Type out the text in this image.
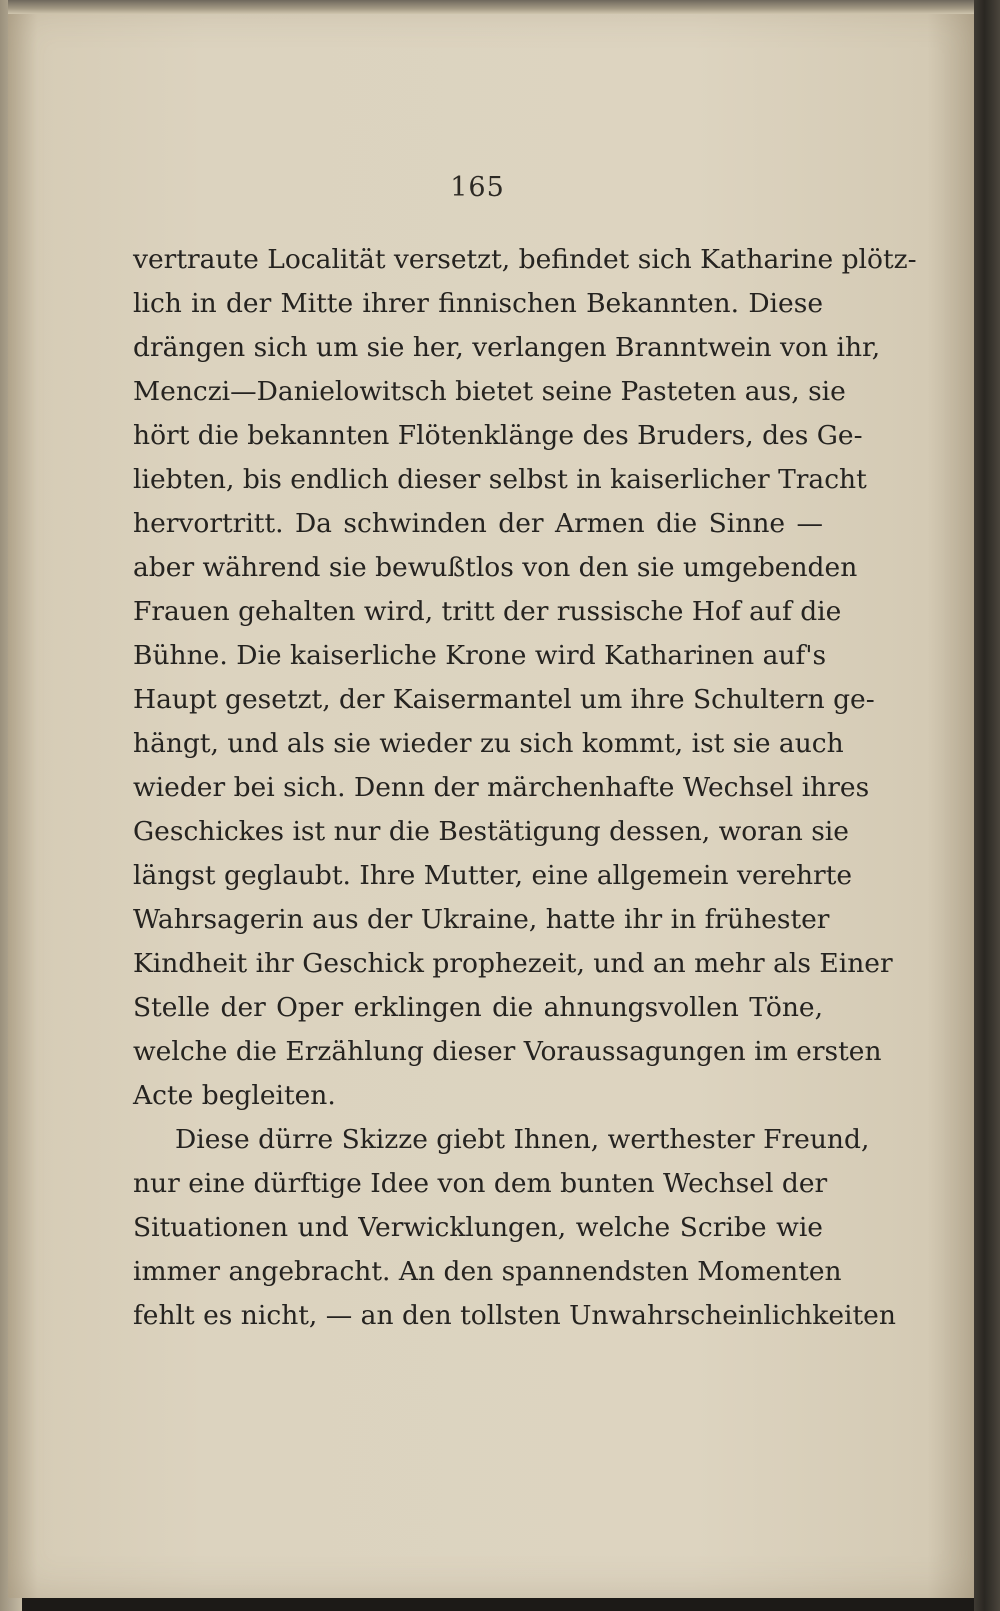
165
vertraute Localität versetzt, befindet sich Katharine plötz-
lich in der Mitte ihrer finnischen Bekannten. Diese
drängen sich um sie her, verlangen Branntwein von ihr,
Menczi—Danielowitsch bietet seine Pasteten aus, sie
hört die bekannten Flötenklänge des Bruders, des Ge-
liebten, bis endlich dieser selbst in kaiserlicher Tracht
hervortritt. Da schwinden der Armen die Sinne —
aber während sie bewußtlos von den sie umgebenden
Frauen gehalten wird, tritt der russische Hof auf die
Bühne. Die kaiserliche Krone wird Katharinen auf's
Haupt gesetzt, der Kaisermantel um ihre Schultern ge-
hängt, und als sie wieder zu sich kommt, ist sie auch
wieder bei sich. Denn der märchenhafte Wechsel ihres
Geschickes ist nur die Bestätigung dessen, woran sie
längst geglaubt. Ihre Mutter, eine allgemein verehrte
Wahrsagerin aus der Ukraine, hatte ihr in frühester
Kindheit ihr Geschick prophezeit, und an mehr als Einer
Stelle der Oper erklingen die ahnungsvollen Töne,
welche die Erzählung dieser Voraussagungen im ersten
Acte begleiten.
Diese dürre Skizze giebt Ihnen, werthester Freund,
nur eine dürftige Idee von dem bunten Wechsel der
Situationen und Verwicklungen, welche Scribe wie
immer angebracht. An den spannendsten Momenten
fehlt es nicht, — an den tollsten Unwahrscheinlichkeiten
